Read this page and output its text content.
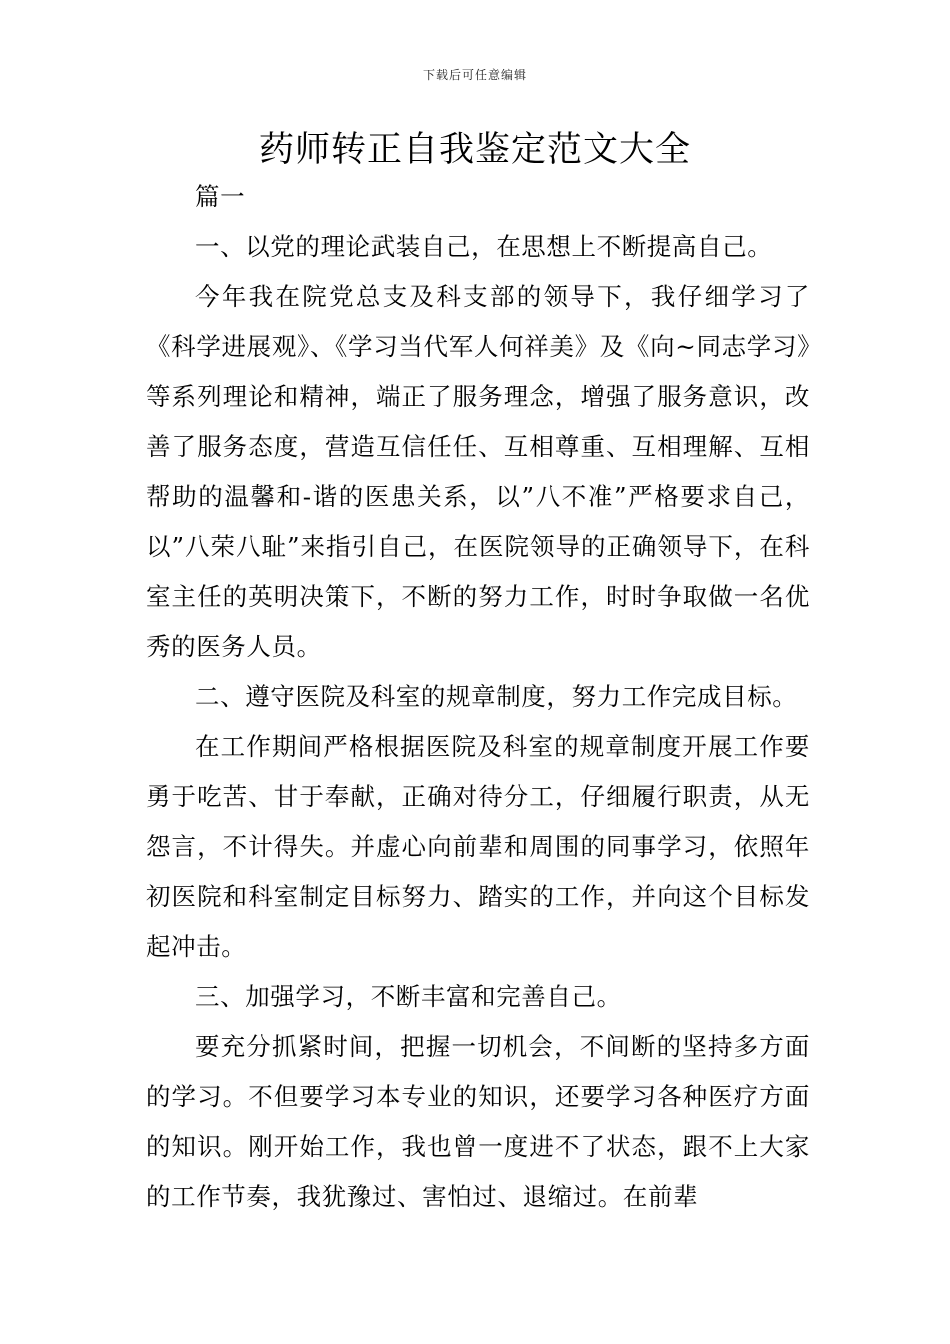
下载后可任意编辑
药师转正自我鉴定范文大全

篇一

一、以党的理论武装自己，在思想上不断提高自己。

今年我在院党总支及科支部的领导下，我仔细学习了《科学进展观》、《学习当代军人何祥美》及《向~同志学习》等系列理论和精神，端正了服务理念，增强了服务意识，改善了服务态度，营造互信任任、互相尊重、互相理解、互相帮助的温馨和-谐的医患关系，以”八不准”严格要求自己，以”八荣八耻”来指引自己，在医院领导的正确领导下，在科室主任的英明决策下，不断的努力工作，时时争取做一名优秀的医务人员。

二、遵守医院及科室的规章制度，努力工作完成目标。

在工作期间严格根据医院及科室的规章制度开展工作要勇于吃苦、甘于奉献，正确对待分工，仔细履行职责，从无怨言，不计得失。并虚心向前辈和周围的同事学习，依照年初医院和科室制定目标努力、踏实的工作，并向这个目标发起冲击。

三、加强学习，不断丰富和完善自己。

要充分抓紧时间，把握一切机会，不间断的坚持多方面的学习。不但要学习本专业的知识，还要学习各种医疗方面的知识。刚开始工作，我也曾一度进不了状态，跟不上大家的工作节奏，我犹豫过、害怕过、退缩过。在前辈
